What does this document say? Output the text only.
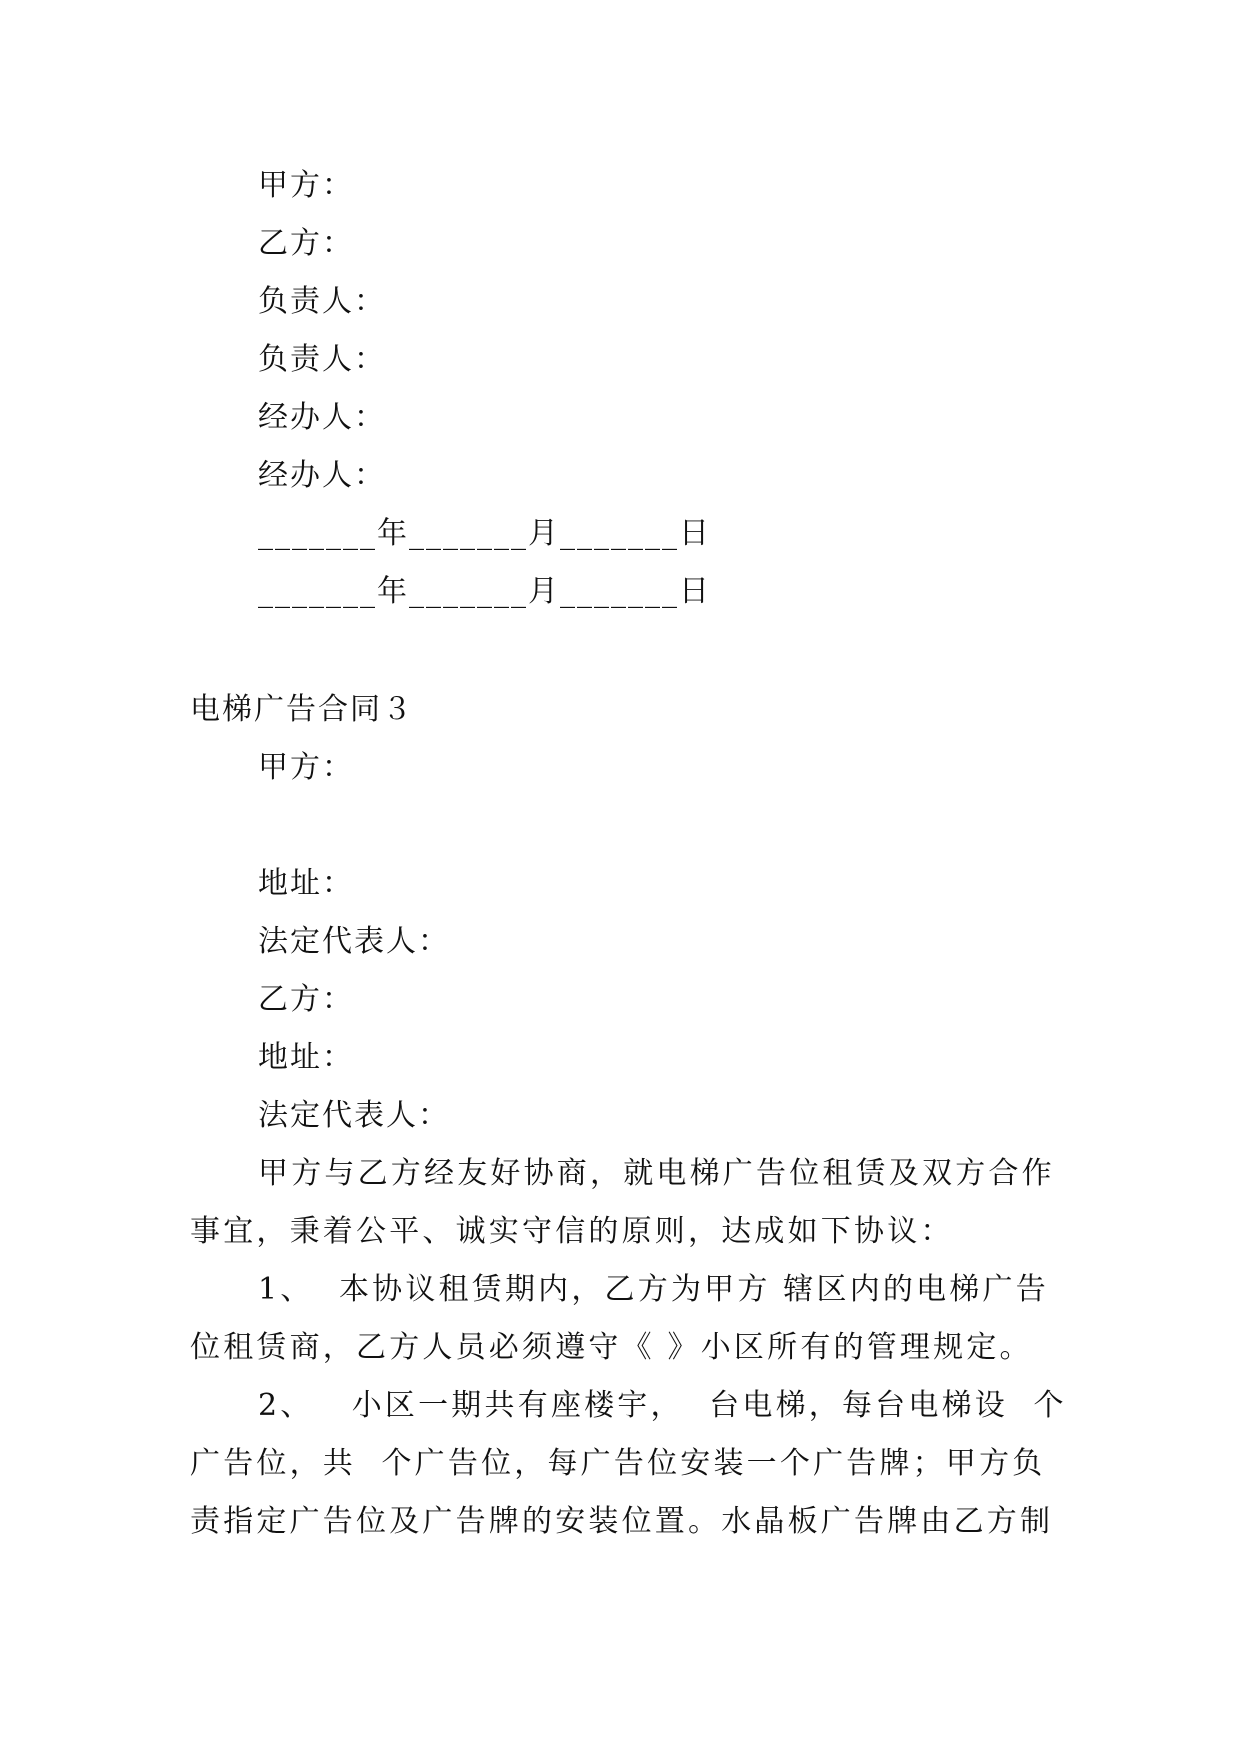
甲方：
乙方：
负责人：
负责人：
经办人：
经办人：
_______年_______月_______日
_______年_______月_______日
电梯广告合同３
甲方：
地址：
法定代表人：
乙方：
地址：
法定代表人：
甲方与乙方经友好协商，就电梯广告位租赁及双方合作
事宜，秉着公平、诚实守信的原则，达成如下协议：
1、  本协议租赁期内，乙方为甲方 辖区内的电梯广告
位租赁商，乙方人员必须遵守《 》小区所有的管理规定。
2、   小区一期共有座楼宇，  台电梯，每台电梯设  个
广告位，共  个广告位，每广告位安装一个广告牌；甲方负
责指定广告位及广告牌的安装位置。水晶板广告牌由乙方制
